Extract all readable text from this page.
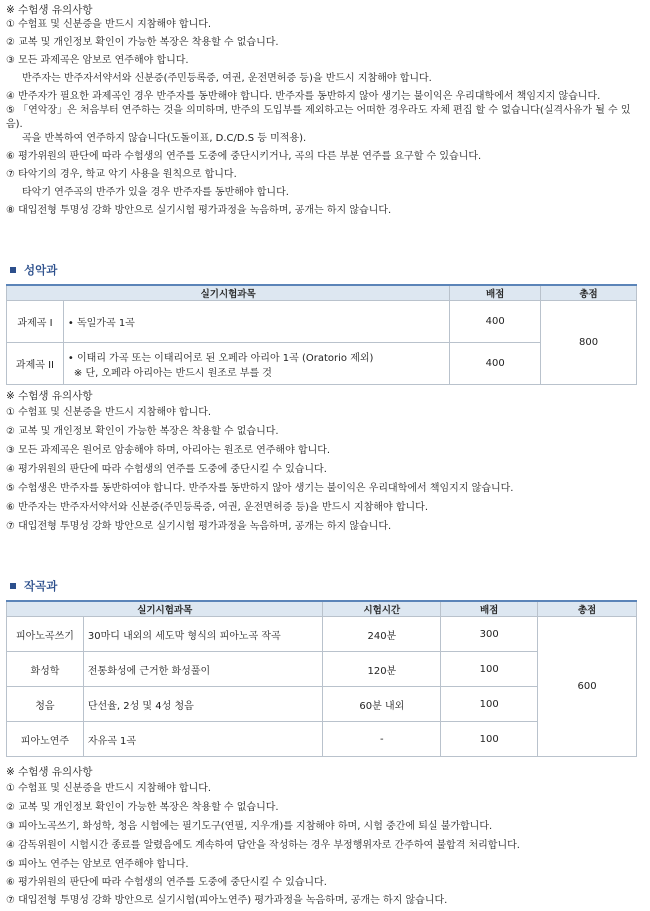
※ 수험생 유의사항
① 수험표 및 신분증을 반드시 지참해야 합니다.
② 교복 및 개인정보 확인이 가능한 복장은 착용할 수 없습니다.
③ 모든 과제곡은 암보로 연주해야 합니다.
반주자는 반주자서약서와 신분증(주민등록증, 여권, 운전면허증 등)을 반드시 지참해야 합니다.
④ 반주자가 필요한 과제곡인 경우 반주자를 동반해야 합니다. 반주자를 동반하지 않아 생기는 불이익은 우리대학에서 책임지지 않습니다.
⑤ 「연악장」은 처음부터 연주하는 것을 의미하며, 반주의 도입부를 제외하고는 어떠한 경우라도 자체 편집 할 수 없습니다(실격사유가 될 수 있음).
곡을 반복하여 연주하지 않습니다(도돌이표, D.C/D.S 등 미적용).
⑥ 평가위원의 판단에 따라 수험생의 연주를 도중에 중단시키거나, 곡의 다른 부분 연주를 요구할 수 있습니다.
⑦ 타악기의 경우, 학교 악기 사용을 원칙으로 합니다.
타악기 연주곡의 반주가 있을 경우 반주자를 동반해야 합니다.
⑧ 대입전형 투명성 강화 방안으로 실기시험 평가과정을 녹음하며, 공개는 하지 않습니다.
성악과
실기시험과목		배점	총점
과제곡 I	• 독일가곡 1곡	400	800
과제곡 II	• 이태리 가곡 또는 이태리어로 된 오페라 아리아 1곡 (Oratorio 제외)
※ 단, 오페라 아리아는 반드시 원조로 부를 것	400	
※ 수험생 유의사항
① 수험표 및 신분증을 반드시 지참해야 합니다.
② 교복 및 개인정보 확인이 가능한 복장은 착용할 수 없습니다.
③ 모든 과제곡은 원어로 암송해야 하며, 아리아는 원조로 연주해야 합니다.
④ 평가위원의 판단에 따라 수험생의 연주를 도중에 중단시킬 수 있습니다.
⑤ 수험생은 반주자를 동반하여야 합니다. 반주자를 동반하지 않아 생기는 불이익은 우리대학에서 책임지지 않습니다.
⑥ 반주자는 반주자서약서와 신분증(주민등록증, 여권, 운전면허증 등)을 반드시 지참해야 합니다.
⑦ 대입전형 투명성 강화 방안으로 실기시험 평가과정을 녹음하며, 공개는 하지 않습니다.
작곡과
실기시험과목		시험시간	배점	총점
피아노곡쓰기	30마디 내외의 세도막 형식의 피아노곡 작곡	240분	300	600
화성학	전통화성에 근거한 화성풀이	120분	100	
청음	단선율, 2성 및 4성 청음	60분 내외	100	
피아노연주	자유곡 1곡	-	100	
※ 수험생 유의사항
① 수험표 및 신분증을 반드시 지참해야 합니다.
② 교복 및 개인정보 확인이 가능한 복장은 착용할 수 없습니다.
③ 피아노곡쓰기, 화성학, 청음 시험에는 필기도구(연필, 지우개)를 지참해야 하며, 시험 중간에 퇴실 불가합니다.
④ 감독위원이 시험시간 종료를 알렸음에도 계속하여 답안을 작성하는 경우 부정행위자로 간주하여 불합격 처리합니다.
⑤ 피아노 연주는 암보로 연주해야 합니다.
⑥ 평가위원의 판단에 따라 수험생의 연주를 도중에 중단시킬 수 있습니다.
⑦ 대입전형 투명성 강화 방안으로 실기시험(피아노연주) 평가과정을 녹음하며, 공개는 하지 않습니다.
